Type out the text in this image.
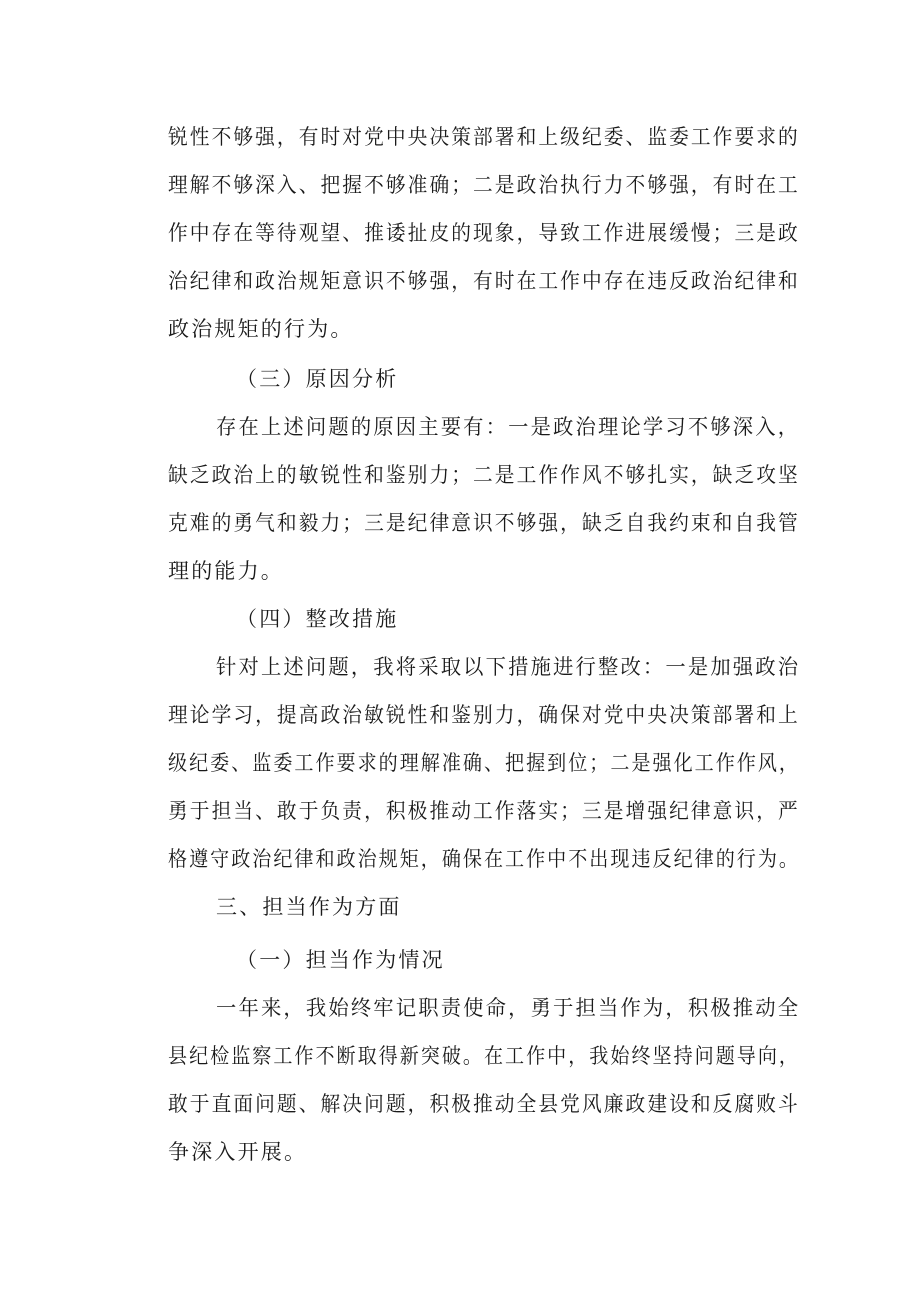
锐性不够强，有时对党中央决策部署和上级纪委、监委工作要求的
理解不够深入、把握不够准确；二是政治执行力不够强，有时在工
作中存在等待观望、推诿扯皮的现象，导致工作进展缓慢；三是政
治纪律和政治规矩意识不够强，有时在工作中存在违反政治纪律和
政治规矩的行为。
（三）原因分析
存在上述问题的原因主要有：一是政治理论学习不够深入，
缺乏政治上的敏锐性和鉴别力；二是工作作风不够扎实，缺乏攻坚
克难的勇气和毅力；三是纪律意识不够强，缺乏自我约束和自我管
理的能力。
（四）整改措施
针对上述问题，我将采取以下措施进行整改：一是加强政治
理论学习，提高政治敏锐性和鉴别力，确保对党中央决策部署和上
级纪委、监委工作要求的理解准确、把握到位；二是强化工作作风，
勇于担当、敢于负责，积极推动工作落实；三是增强纪律意识，严
格遵守政治纪律和政治规矩，确保在工作中不出现违反纪律的行为。
三、担当作为方面
（一）担当作为情况
一年来，我始终牢记职责使命，勇于担当作为，积极推动全
县纪检监察工作不断取得新突破。在工作中，我始终坚持问题导向，
敢于直面问题、解决问题，积极推动全县党风廉政建设和反腐败斗
争深入开展。
